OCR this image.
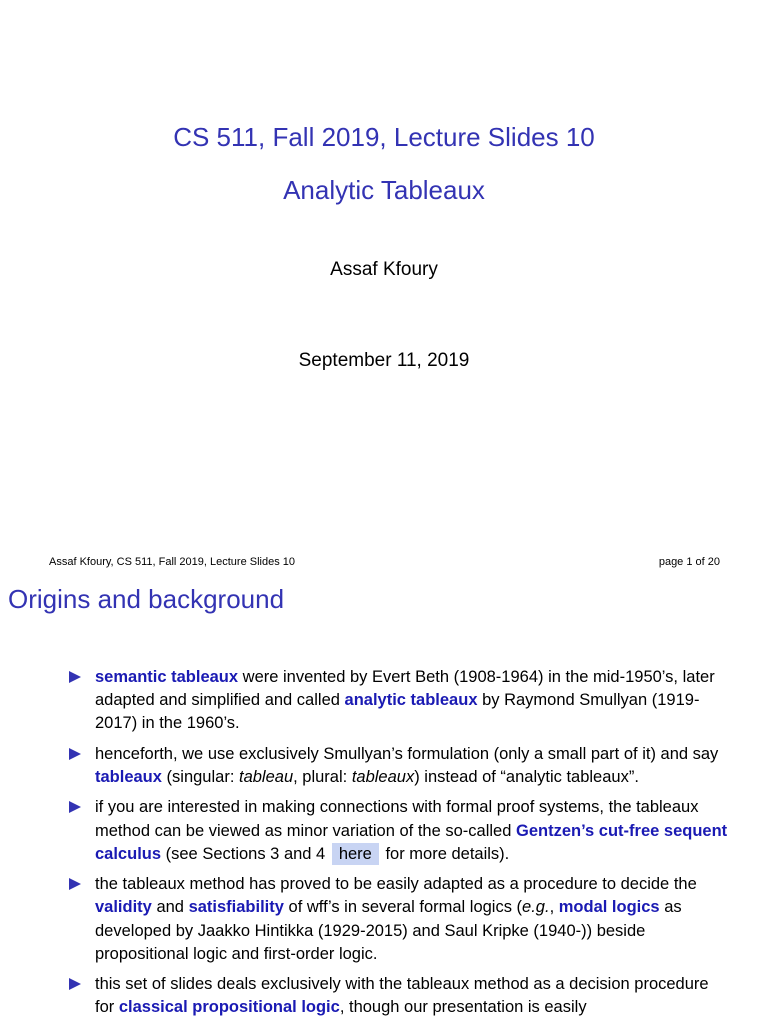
CS 511, Fall 2019, Lecture Slides 10
Analytic Tableaux
Assaf Kfoury
September 11, 2019
Assaf Kfoury, CS 511, Fall 2019, Lecture Slides 10	page 1 of 20
Origins and background
semantic tableaux were invented by Evert Beth (1908-1964) in the mid-1950’s, later adapted and simplified and called analytic tableaux by Raymond Smullyan (1919-2017) in the 1960’s.
henceforth, we use exclusively Smullyan’s formulation (only a small part of it) and say tableaux (singular: tableau, plural: tableaux) instead of “analytic tableaux”.
if you are interested in making connections with formal proof systems, the tableaux method can be viewed as minor variation of the so-called Gentzen’s cut-free sequent calculus (see Sections 3 and 4 here for more details).
the tableaux method has proved to be easily adapted as a procedure to decide the validity and satisfiability of wff’s in several formal logics (e.g., modal logics as developed by Jaakko Hintikka (1929-2015) and Saul Kripke (1940-)) beside propositional logic and first-order logic.
this set of slides deals exclusively with the tableaux method as a decision procedure for classical propositional logic, though our presentation is easily
